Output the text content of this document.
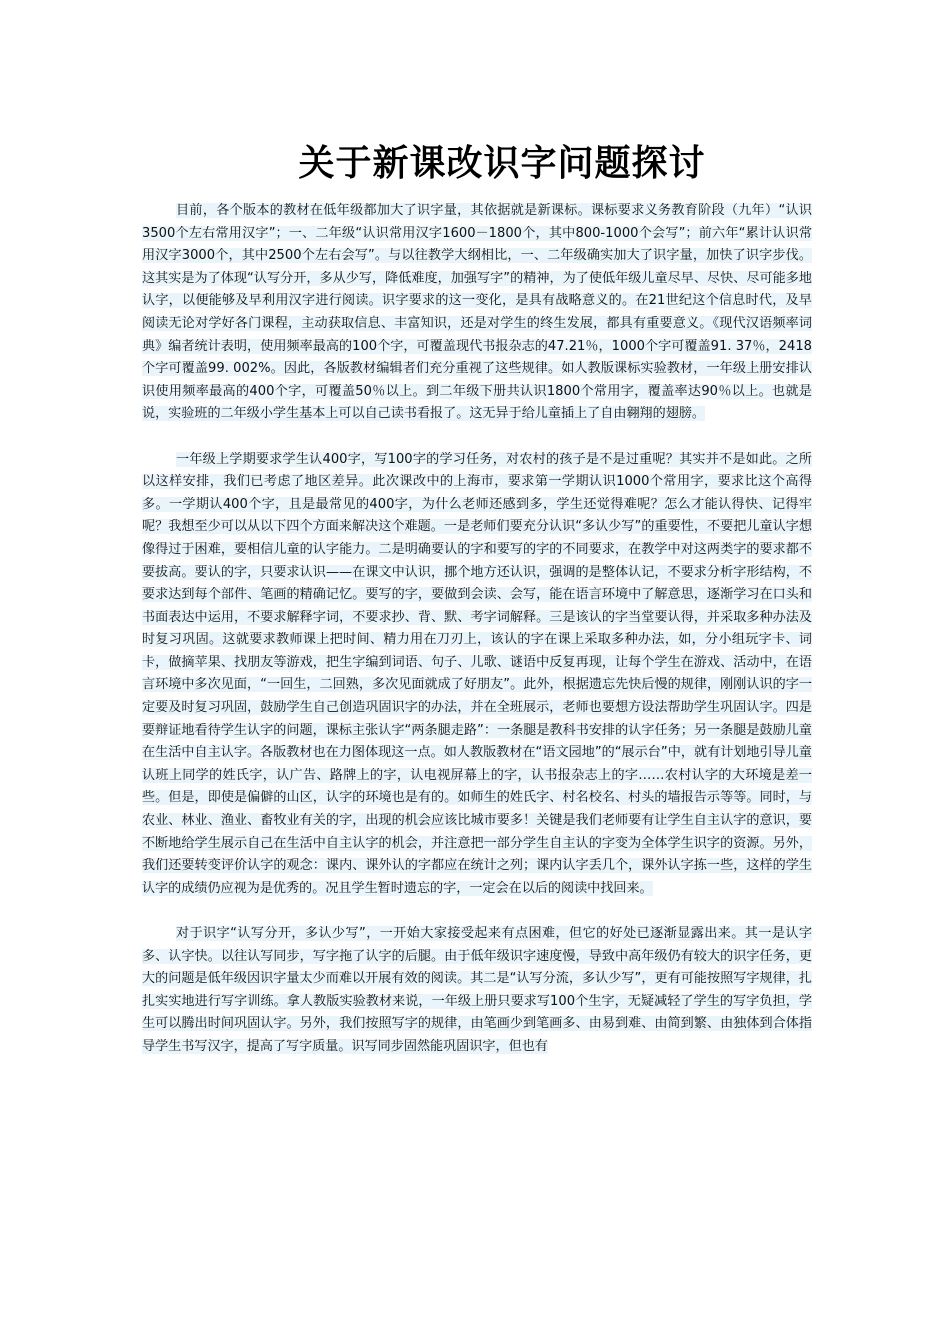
关于新课改识字问题探讨

目前，各个版本的教材在低年级都加大了识字量，其依据就是新课标。课标要求义务教育阶段（九年）“认识3500个左右常用汉字”；一、二年级“认识常用汉字1600－1800个，其中800-1000个会写”；前六年“累计认识常用汉字3000个，其中2500个左右会写”。与以往教学大纲相比，一、二年级确实加大了识字量，加快了识字步伐。这其实是为了体现“认写分开，多从少写，降低难度，加强写字”的精神，为了使低年级儿童尽早、尽快、尽可能多地认字，以便能够及早利用汉字进行阅读。识字要求的这一变化，是具有战略意义的。在21世纪这个信息时代，及早阅读无论对学好各门课程，主动获取信息、丰富知识，还是对学生的终生发展，都具有重要意义。《现代汉语频率词典》编者统计表明，使用频率最高的100个字，可覆盖现代书报杂志的47.21％，1000个字可覆盖91. 37％，2418个字可覆盖99. 002%。因此，各版教材编辑者们充分重视了这些规律。如人教版课标实验教材，一年级上册安排认识使用频率最高的400个字，可覆盖50％以上。到二年级下册共认识1800个常用字，覆盖率达90％以上。也就是说，实验班的二年级小学生基本上可以自己读书看报了。这无异于给儿童插上了自由翱翔的翅膀。

一年级上学期要求学生认400字，写100字的学习任务，对农村的孩子是不是过重呢？其实并不是如此。之所以这样安排，我们已考虑了地区差异。此次课改中的上海市，要求第一学期认识1000个常用字，要求比这个高得多。一学期认400个字，且是最常见的400字，为什么老师还感到多，学生还觉得难呢？怎么才能认得快、记得牢呢？我想至少可以从以下四个方面来解决这个难题。一是老师们要充分认识“多认少写”的重要性，不要把儿童认字想像得过于困难，要相信儿童的认字能力。二是明确要认的字和要写的字的不同要求，在教学中对这两类字的要求都不要拔高。要认的字，只要求认识——在课文中认识，挪个地方还认识，强调的是整体认记，不要求分析字形结构，不要求达到每个部件、笔画的精确记忆。要写的字，要做到会读、会写，能在语言环境中了解意思，逐渐学习在口头和书面表达中运用，不要求解释字词，不要求抄、背、默、考字词解释。三是该认的字当堂要认得，并采取多种办法及时复习巩固。这就要求教师课上把时间、精力用在刀刃上，该认的字在课上采取多种办法，如，分小组玩字卡、词卡，做摘苹果、找朋友等游戏，把生字编到词语、句子、儿歌、谜语中反复再现，让每个学生在游戏、活动中，在语言环境中多次见面，“一回生，二回熟，多次见面就成了好朋友”。此外，根据遗忘先快后慢的规律，刚刚认识的字一定要及时复习巩固，鼓励学生自己创造巩固识字的办法，并在全班展示，老师也要想方设法帮助学生巩固认字。四是要辩证地看待学生认字的问题，课标主张认字“两条腿走路”：一条腿是教科书安排的认字任务；另一条腿是鼓励儿童在生活中自主认字。各版教材也在力图体现这一点。如人教版教材在“语文园地”的“展示台”中，就有计划地引导儿童认班上同学的姓氏字，认广告、路牌上的字，认电视屏幕上的字，认书报杂志上的字……农村认字的大环境是差一些。但是，即使是偏僻的山区，认字的环境也是有的。如师生的姓氏字、村名校名、村头的墙报告示等等。同时，与农业、林业、渔业、畜牧业有关的字，出现的机会应该比城市要多！关键是我们老师要有让学生自主认字的意识，要不断地给学生展示自己在生活中自主认字的机会，并注意把一部分学生自主认的字变为全体学生识字的资源。另外，我们还要转变评价认字的观念：课内、课外认的字都应在统计之列；课内认字丢几个，课外认字拣一些，这样的学生认字的成绩仍应视为是优秀的。况且学生暂时遗忘的字，一定会在以后的阅读中找回来。

对于识字“认写分开，多认少写”，一开始大家接受起来有点困难，但它的好处已逐渐显露出来。其一是认字多、认字快。以往认写同步，写字拖了认字的后腿。由于低年级识字速度慢，导致中高年级仍有较大的识字任务，更大的问题是低年级因识字量太少而难以开展有效的阅读。其二是“认写分流，多认少写”，更有可能按照写字规律，扎扎实实地进行写字训练。拿人教版实验教材来说，一年级上册只要求写100个生字，无疑减轻了学生的写字负担，学生可以腾出时间巩固认字。另外，我们按照写字的规律，由笔画少到笔画多、由易到难、由简到繁、由独体到合体指导学生书写汉字，提高了写字质量。识写同步固然能巩固识字，但也有
